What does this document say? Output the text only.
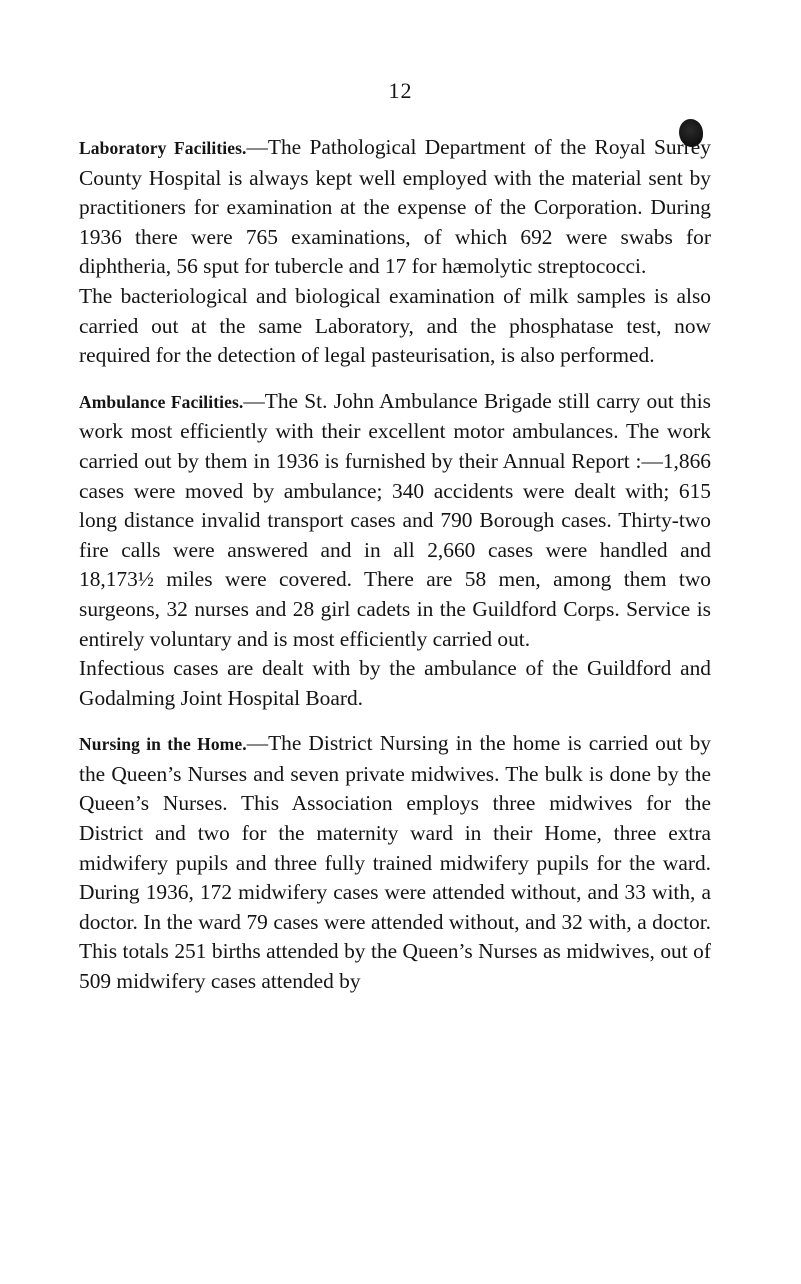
12

Laboratory Facilities.—The Pathological Department of the Royal Surrey County Hospital is always kept well employed with the material sent by practitioners for examination at the expense of the Corporation. During 1936 there were 765 examinations, of which 692 were swabs for diphtheria, 56 sput for tubercle and 17 for hæmolytic streptococci.

The bacteriological and biological examination of milk samples is also carried out at the same Laboratory, and the phosphatase test, now required for the detection of legal pasteurisation, is also performed.

Ambulance Facilities.—The St. John Ambulance Brigade still carry out this work most efficiently with their excellent motor ambulances. The work carried out by them in 1936 is furnished by their Annual Report :—1,866 cases were moved by ambulance; 340 accidents were dealt with; 615 long distance invalid transport cases and 790 Borough cases. Thirty-two fire calls were answered and in all 2,660 cases were handled and 18,173½ miles were covered. There are 58 men, among them two surgeons, 32 nurses and 28 girl cadets in the Guildford Corps. Service is entirely voluntary and is most efficiently carried out.

Infectious cases are dealt with by the ambulance of the Guildford and Godalming Joint Hospital Board.

Nursing in the Home.—The District Nursing in the home is carried out by the Queen’s Nurses and seven private midwives. The bulk is done by the Queen’s Nurses. This Association employs three midwives for the District and two for the maternity ward in their Home, three extra midwifery pupils and three fully trained midwifery pupils for the ward. During 1936, 172 midwifery cases were attended without, and 33 with, a doctor. In the ward 79 cases were attended without, and 32 with, a doctor. This totals 251 births attended by the Queen’s Nurses as midwives, out of 509 midwifery cases attended by
